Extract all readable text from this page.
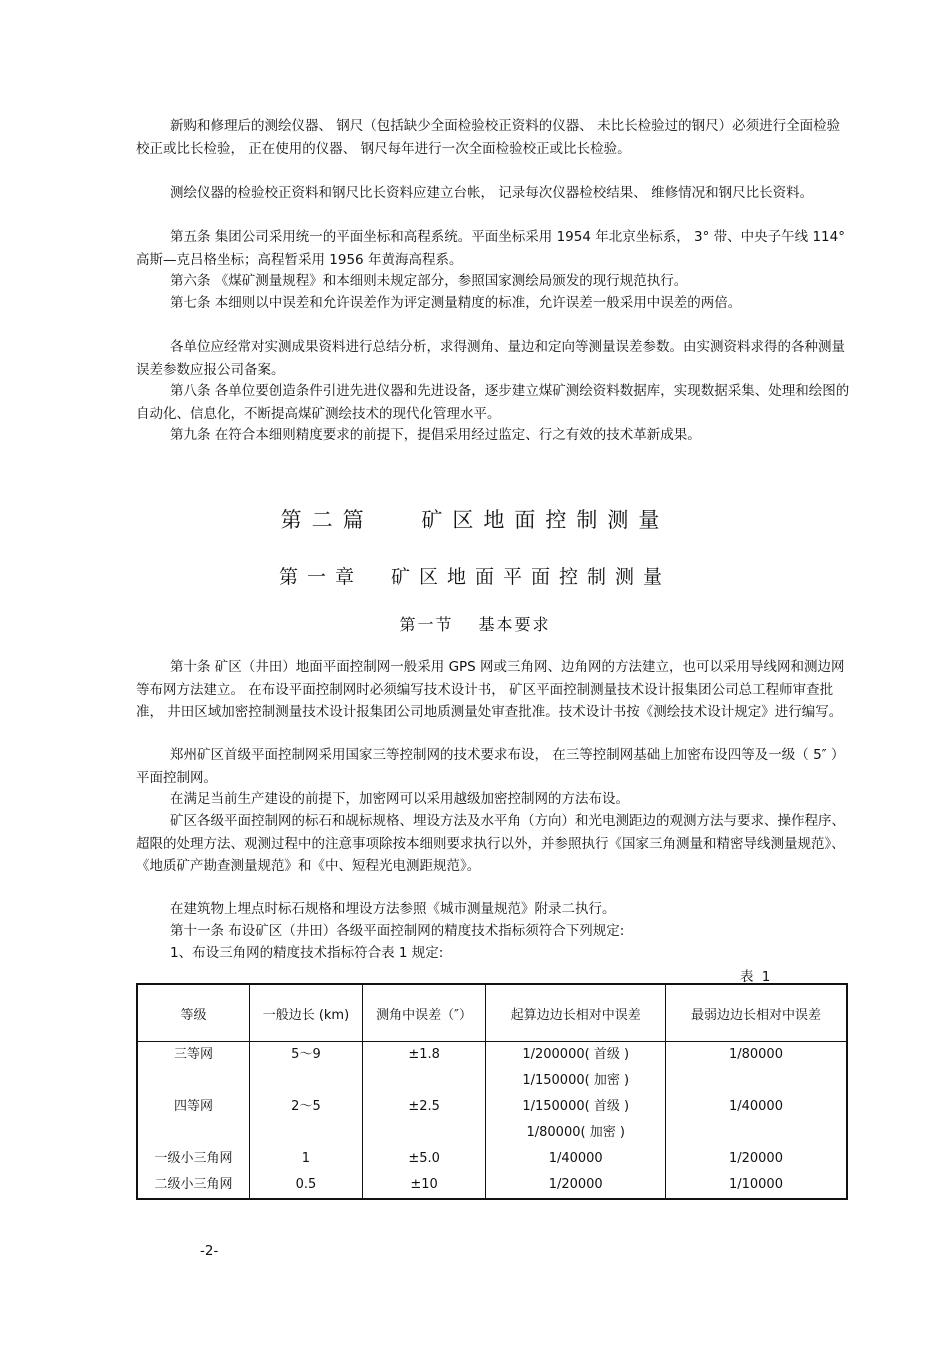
新购和修理后的测绘仪器、 钢尺（包括缺少全面检验校正资料的仪器、 未比长检验过的钢尺）必须进行全面检验校正或比长检验， 正在使用的仪器、 钢尺每年进行一次全面检验校正或比长检验。

测绘仪器的检验校正资料和钢尺比长资料应建立台帐， 记录每次仪器检校结果、 维修情况和钢尺比长资料。

第五条 集团公司采用统一的平面坐标和高程系统。平面坐标采用 1954 年北京坐标系， 3° 带、中央子午线 114° 高斯—克吕格坐标；高程暂采用 1956 年黄海高程系。

第六条 《煤矿测量规程》和本细则未规定部分，参照国家测绘局颁发的现行规范执行。

第七条 本细则以中误差和允许误差作为评定测量精度的标准，允许误差一般采用中误差的两倍。

各单位应经常对实测成果资料进行总结分析，求得测角、量边和定向等测量误差参数。由实测资料求得的各种测量误差参数应报公司备案。

第八条 各单位要创造条件引进先进仪器和先进设备，逐步建立煤矿测绘资料数据库，实现数据采集、处理和绘图的自动化、信息化，不断提高煤矿测绘技术的现代化管理水平。

第九条 在符合本细则精度要求的前提下，提倡采用经过监定、行之有效的技术革新成果。

第二篇　 矿区地面控制测量
第一章　矿区地面平面控制测量
第一节　 基本要求

第十条 矿区（井田）地面平面控制网一般采用 GPS 网或三角网、边角网的方法建立，也可以采用导线网和测边网等布网方法建立。 在布设平面控制网时必须编写技术设计书， 矿区平面控制测量技术设计报集团公司总工程师审查批准， 井田区域加密控制测量技术设计报集团公司地质测量处审查批准。技术设计书按《测绘技术设计规定》进行编写。

郑州矿区首级平面控制网采用国家三等控制网的技术要求布设， 在三等控制网基础上加密布设四等及一级（ 5″ ）平面控制网。

在满足当前生产建设的前提下，加密网可以采用越级加密控制网的方法布设。

矿区各级平面控制网的标石和觇标规格、埋设方法及水平角（方向）和光电测距边的观测方法与要求、操作程序、超限的处理方法、观测过程中的注意事项除按本细则要求执行以外，并参照执行《国家三角测量和精密导线测量规范》、《地质矿产勘查测量规范》和《中、短程光电测距规范》。

在建筑物上埋点时标石规格和埋设方法参照《城市测量规范》附录二执行。

第十一条 布设矿区（井田）各级平面控制网的精度技术指标须符合下列规定:

1、布设三角网的精度技术指标符合表 1 规定:

表 1
等级	一般边长 (km)	测角中误差（″）	起算边边长相对中误差	最弱边边长相对中误差
三等网	5～9	±1.8	1/200000( 首级 )	1/80000
			1/150000( 加密 )	
四等网	2～5	±2.5	1/150000( 首级 )	1/40000
			1/80000( 加密 )	
一级小三角网	1	±5.0	1/40000	1/20000
二级小三角网	0.5	±10	1/20000	1/10000
-2-
